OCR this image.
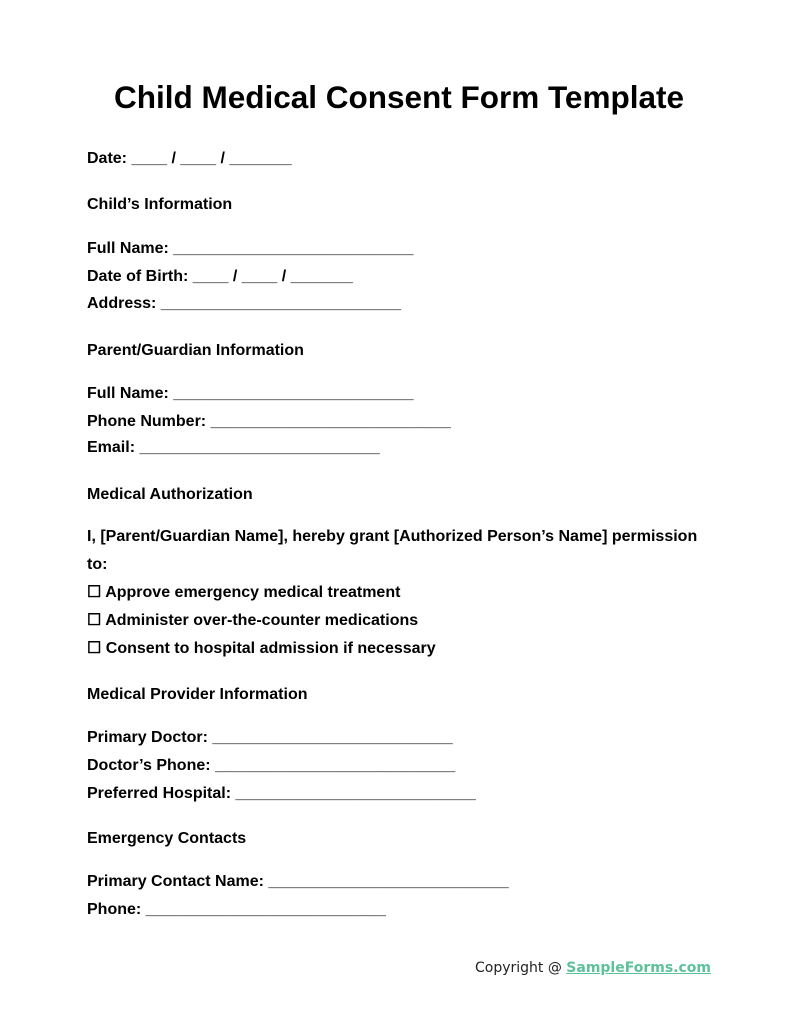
Child Medical Consent Form Template

Date: ____ / ____ / _______

Child’s Information

Full Name: ___________________________

Date of Birth: ____ / ____ / _______

Address: ___________________________

Parent/Guardian Information

Full Name: ___________________________

Phone Number: ___________________________

Email: ___________________________

Medical Authorization

I, [Parent/Guardian Name], hereby grant [Authorized Person’s Name] permission to:

☐ Approve emergency medical treatment

☐ Administer over-the-counter medications

☐ Consent to hospital admission if necessary

Medical Provider Information

Primary Doctor: ___________________________

Doctor’s Phone: ___________________________

Preferred Hospital: ___________________________

Emergency Contacts

Primary Contact Name: ___________________________

Phone: ___________________________

Copyright @ SampleForms.com
